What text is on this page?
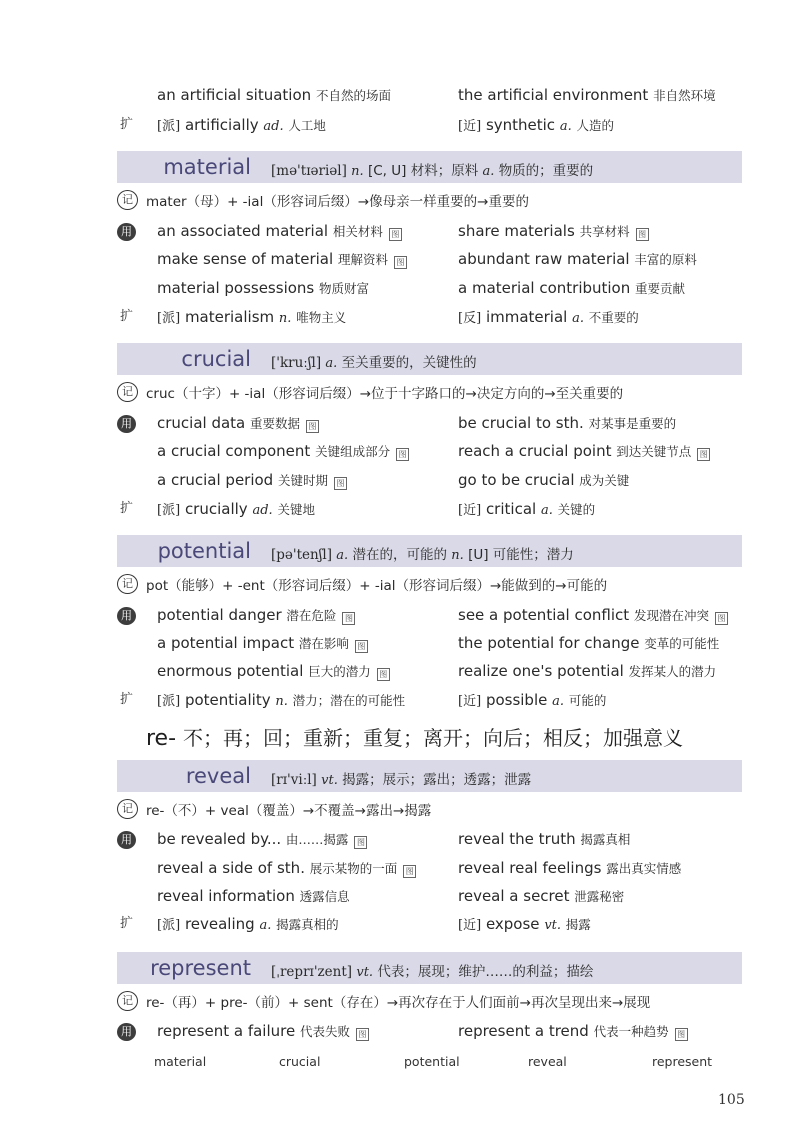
an artificial situation 不自然的场面	the artificial environment 非自然环境
扩 [派] artificially ad. 人工地	[近] synthetic a. 人造的
material [mə'tɪəriəl] n. [C, U] 材料；原料 a. 物质的；重要的
记 mater（母）+ -ial（形容词后缀）→像母亲一样重要的→重要的
用 an associated material 相关材料 图	share materials 共享材料 图
make sense of material 理解资料 图	abundant raw material 丰富的原料
material possessions 物质财富	a material contribution 重要贡献
扩 [派] materialism n. 唯物主义	[反] immaterial a. 不重要的
crucial ['kruːʃl] a. 至关重要的，关键性的
记 cruc（十字）+ -ial（形容词后缀）→位于十字路口的→决定方向的→至关重要的
用 crucial data 重要数据 图	be crucial to sth. 对某事是重要的
a crucial component 关键组成部分 图	reach a crucial point 到达关键节点 图
a crucial period 关键时期 图	go to be crucial 成为关键
扩 [派] crucially ad. 关键地	[近] critical a. 关键的
potential [pə'tenʃl] a. 潜在的，可能的 n. [U] 可能性；潜力
记 pot（能够）+ -ent（形容词后缀）+ -ial（形容词后缀）→能做到的→可能的
用 potential danger 潜在危险 图	see a potential conflict 发现潜在冲突 图
a potential impact 潜在影响 图	the potential for change 变革的可能性
enormous potential 巨大的潜力 图	realize one's potential 发挥某人的潜力
扩 [派] potentiality n. 潜力；潜在的可能性	[近] possible a. 可能的
re- 不；再；回；重新；重复；离开；向后；相反；加强意义
reveal [rɪ'viːl] vt. 揭露；展示；露出；透露；泄露
记 re-（不）+ veal（覆盖）→不覆盖→露出→揭露
用 be revealed by... 由……揭露 图	reveal the truth 揭露真相
reveal a side of sth. 展示某物的一面 图	reveal real feelings 露出真实情感
reveal information 透露信息	reveal a secret 泄露秘密
扩 [派] revealing a. 揭露真相的	[近] expose vt. 揭露
represent [ˌreprɪ'zent] vt. 代表；展现；维护……的利益；描绘
记 re-（再）+ pre-（前）+ sent（存在）→再次存在于人们面前→再次呈现出来→展现
用 represent a failure 代表失败 图	represent a trend 代表一种趋势 图
material	crucial	potential	reveal	represent
105
